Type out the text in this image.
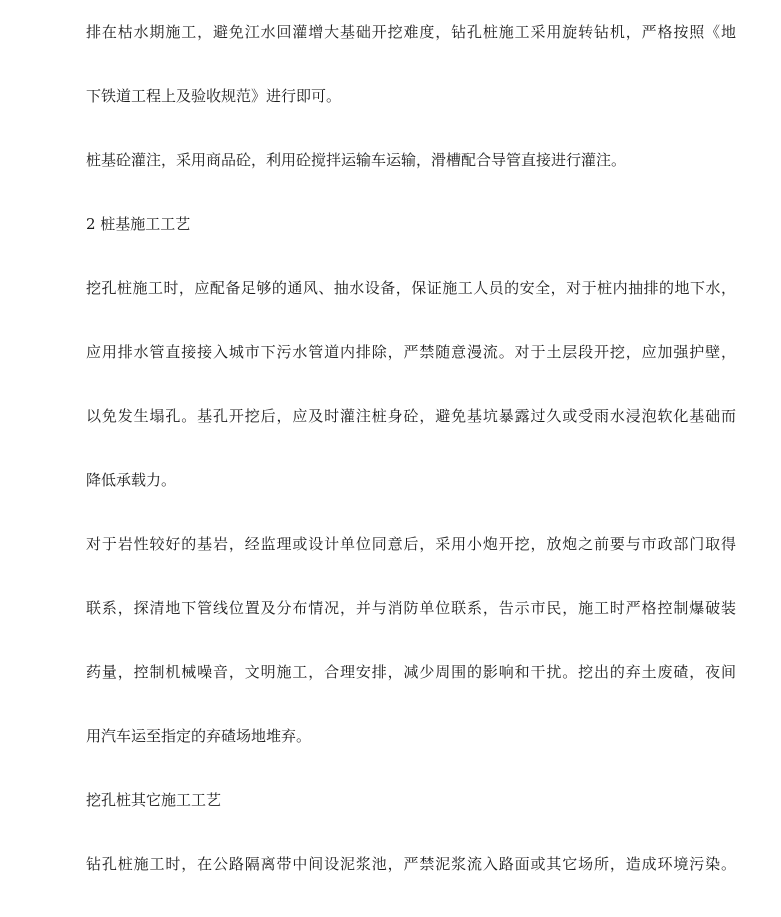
排在枯水期施工，避免江水回灌增大基础开挖难度，钻孔桩施工采用旋转钻机，严格按照《地
下铁道工程上及验收规范》进行即可。
桩基砼灌注，采用商品砼，利用砼搅拌运输车运输，滑槽配合导管直接进行灌注。
2 桩基施工工艺
挖孔桩施工时，应配备足够的通风、抽水设备，保证施工人员的安全，对于桩内抽排的地下水，
应用排水管直接接入城市下污水管道内排除，严禁随意漫流。对于土层段开挖，应加强护壁，
以免发生塌孔。基孔开挖后，应及时灌注桩身砼，避免基坑暴露过久或受雨水浸泡软化基础而
降低承载力。
对于岩性较好的基岩，经监理或设计单位同意后，采用小炮开挖，放炮之前要与市政部门取得
联系，探清地下管线位置及分布情况，并与消防单位联系，告示市民，施工时严格控制爆破装
药量，控制机械噪音，文明施工，合理安排，减少周围的影响和干扰。挖出的弃土废碴，夜间
用汽车运至指定的弃碴场地堆弃。
挖孔桩其它施工工艺
钻孔桩施工时，在公路隔离带中间设泥浆池，严禁泥浆流入路面或其它场所，造成环境污染。
